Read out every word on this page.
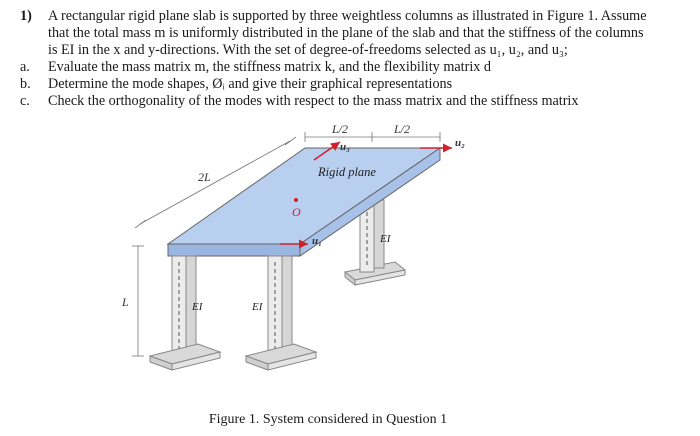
1)	A rectangular rigid plane slab is supported by three weightless columns as illustrated in Figure 1. Assume
that the total mass m is uniformly distributed in the plane of the slab and that the stiffness of the columns
is EI in the x and y-directions. With the set of degree-of-freedoms selected as u₁, u₂, and u₃;
a.	Evaluate the mass matrix m, the stiffness matrix k, and the flexibility matrix d
b.	Determine the mode shapes, Øᵢ and give their graphical representations
c.	Check the orthogonality of the modes with respect to the mass matrix and the stiffness matrix
L/2	L/2
2L
L
u₁
u₂
u₃
O
Rigid plane
EI
EI	EI
Figure 1. System considered in Question 1
